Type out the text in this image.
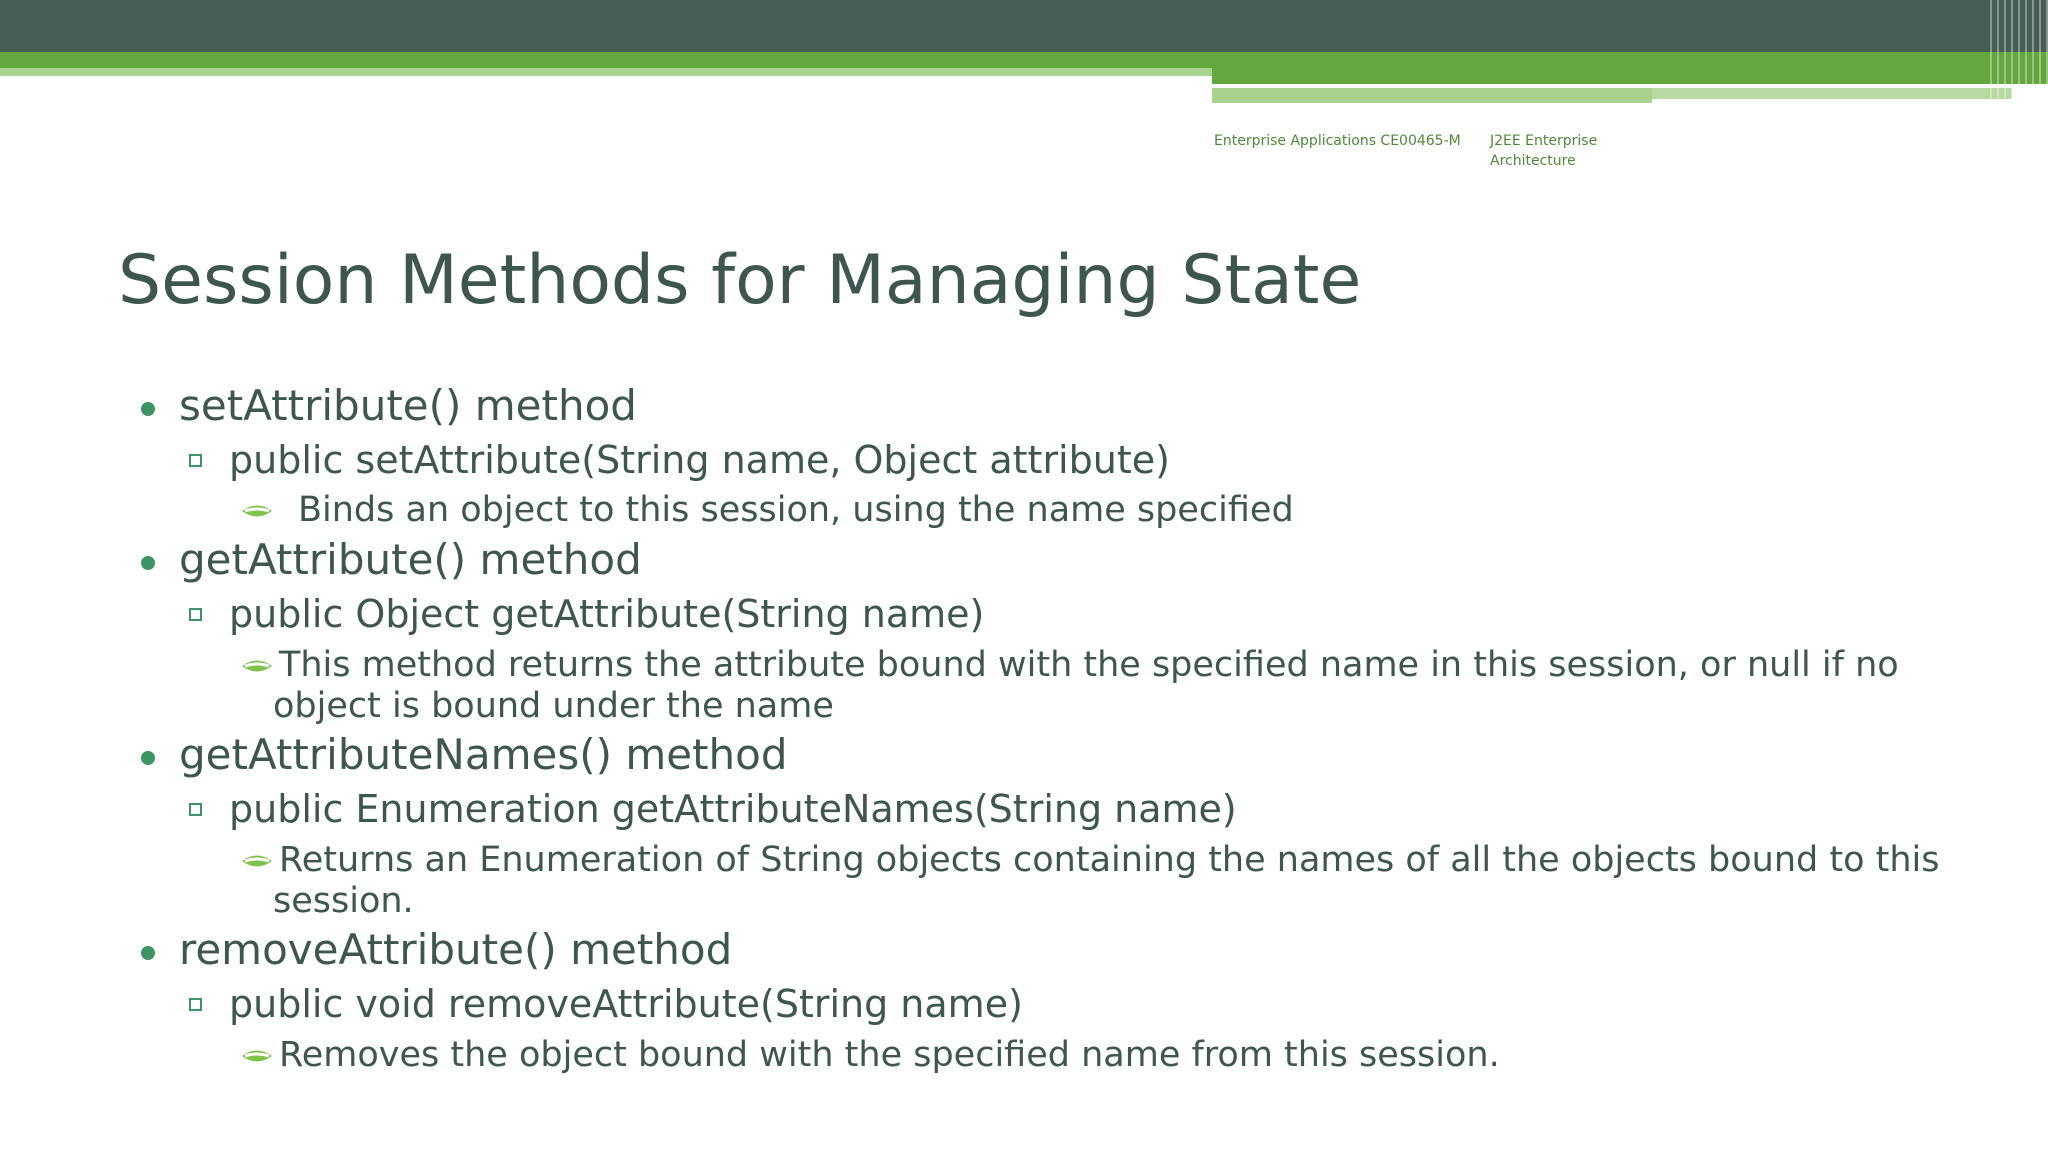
Enterprise Applications CE00465-M	J2EE Enterprise
Architecture
Session Methods for Managing State
setAttribute() method
public setAttribute(String name, Object attribute)
Binds an object to this session, using the name specified
getAttribute() method
public Object getAttribute(String name)
This method returns the attribute bound with the specified name in this session, or null if no
object is bound under the name
getAttributeNames() method
public Enumeration getAttributeNames(String name)
Returns an Enumeration of String objects containing the names of all the objects bound to this
session.
removeAttribute() method
public void removeAttribute(String name)
Removes the object bound with the specified name from this session.
